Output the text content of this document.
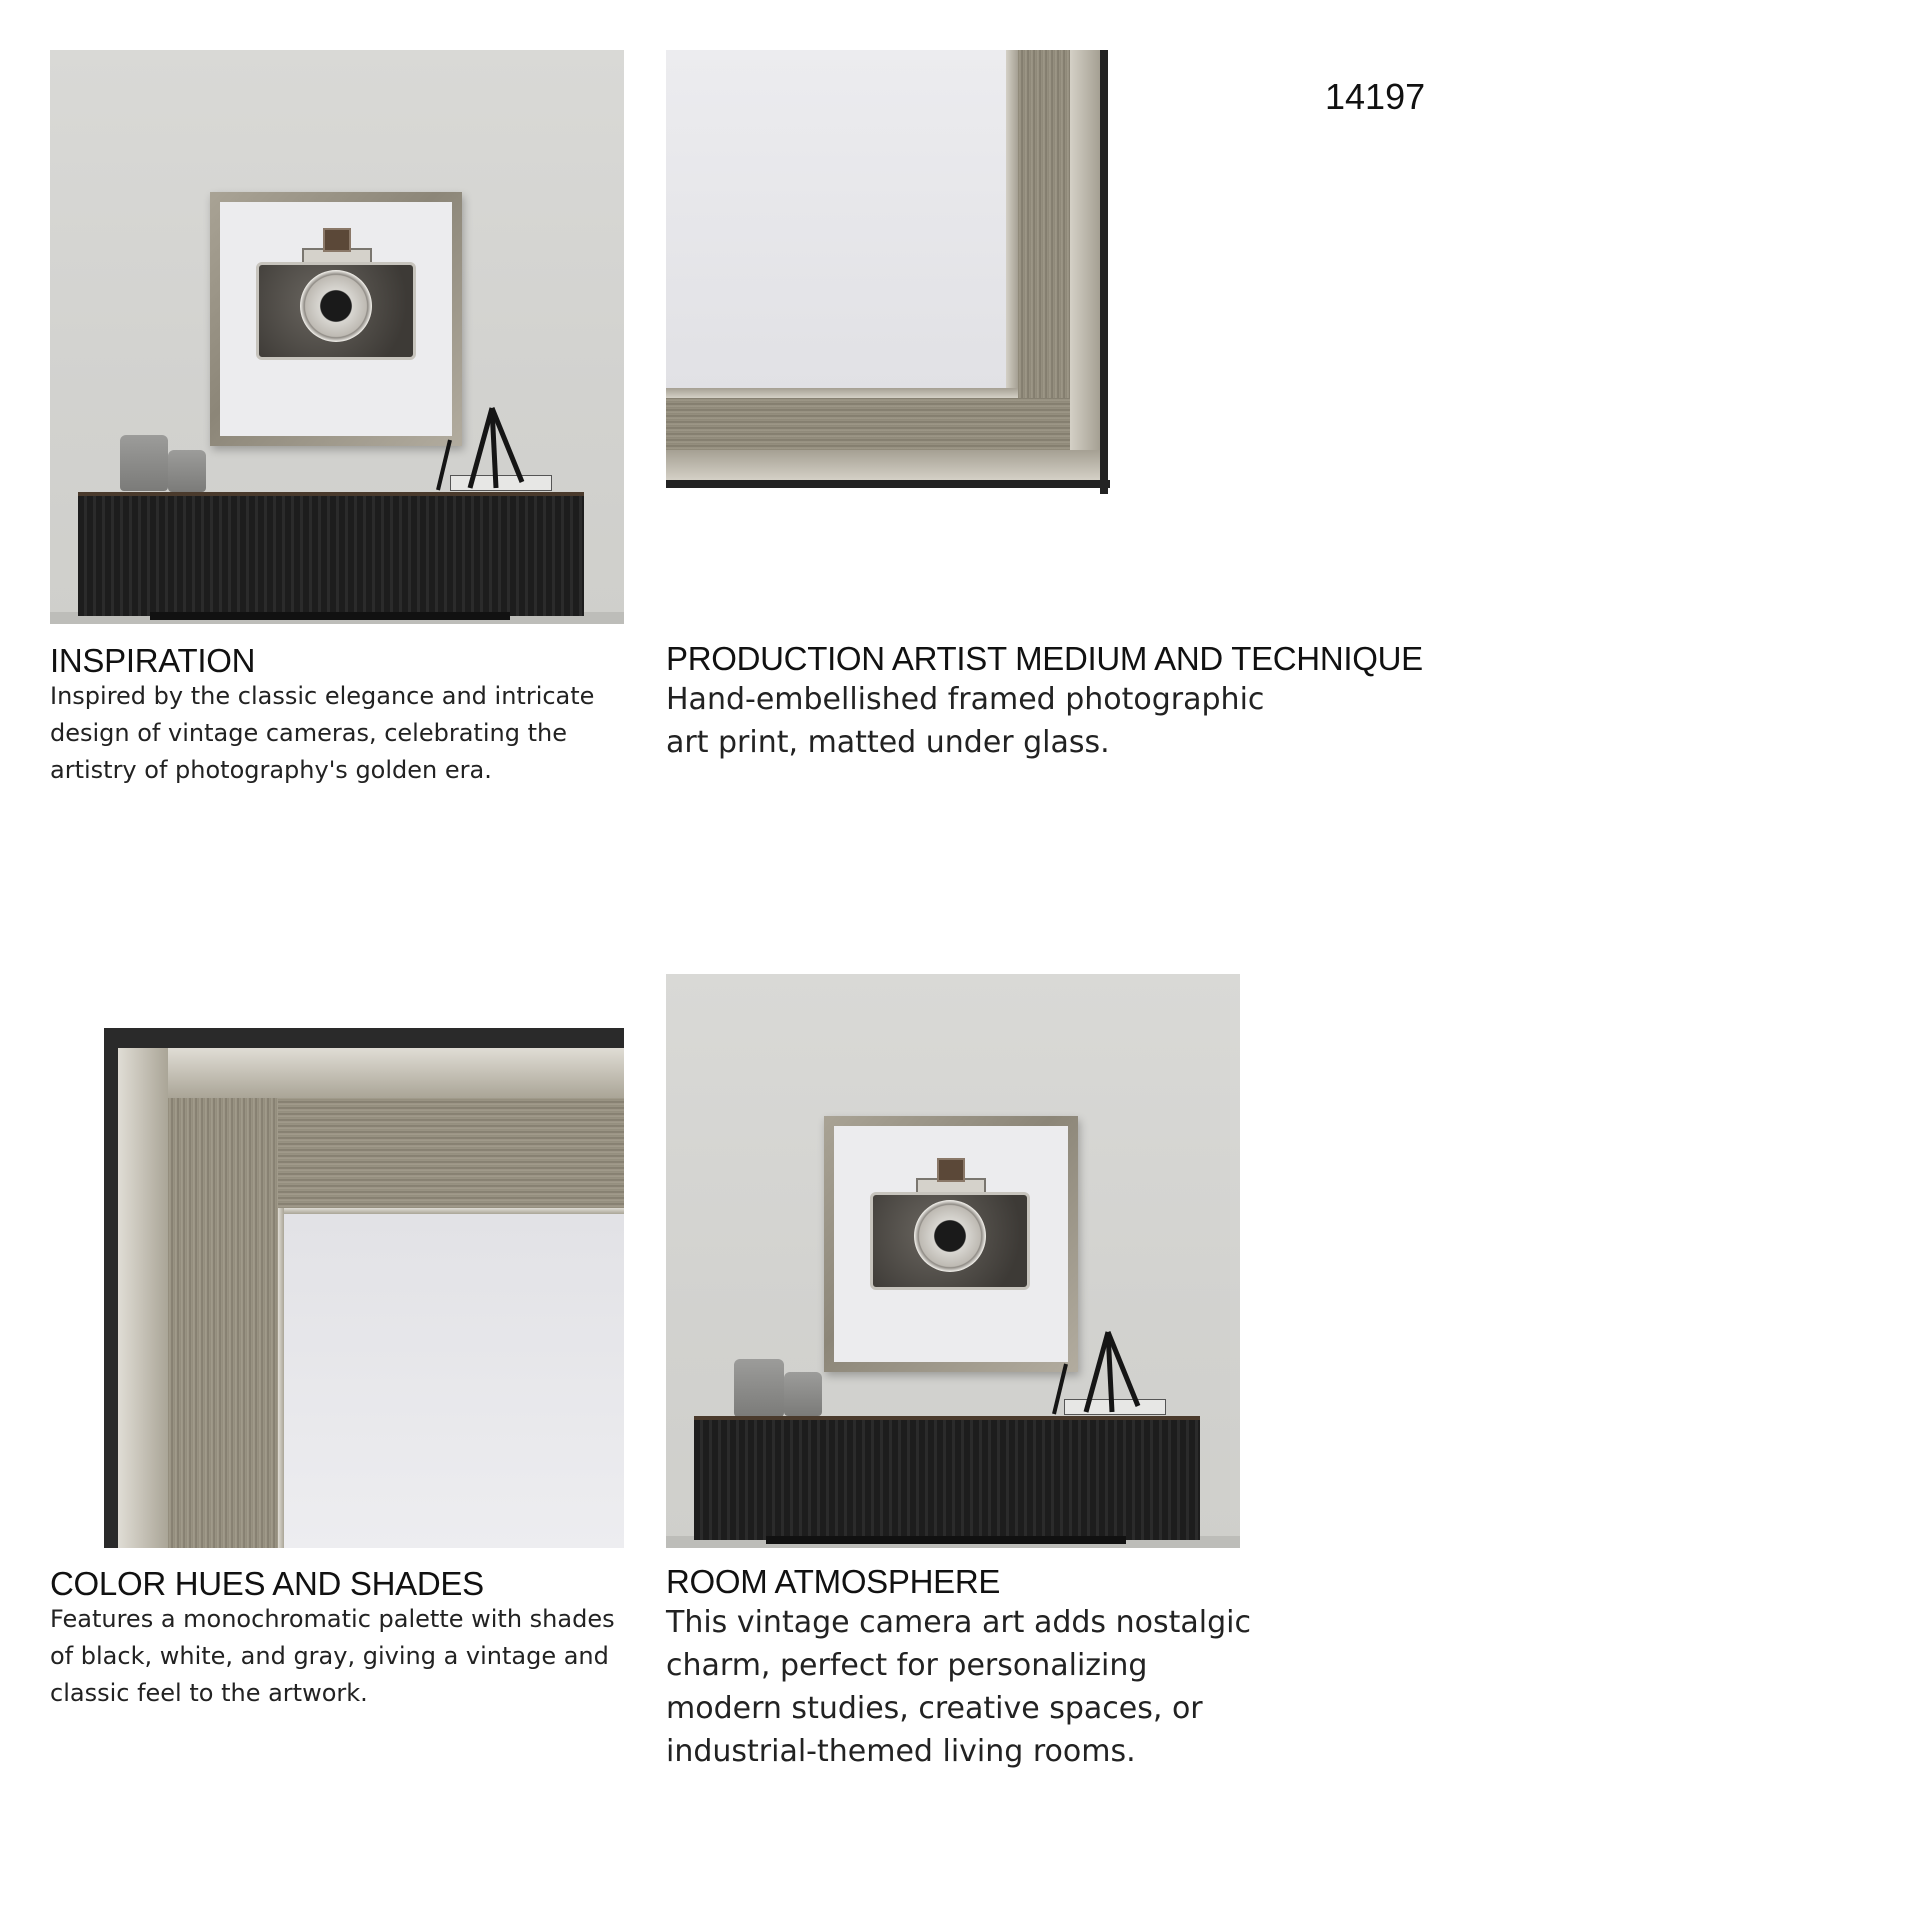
14197
INSPIRATION

Inspired by the classic elegance and intricate design of vintage cameras, celebrating the artistry of photography's golden era.

PRODUCTION ARTIST MEDIUM AND TECHNIQUE

Hand-embellished framed photographic

art print, matted under glass.

COLOR HUES AND SHADES

Features a monochromatic palette with shades of black, white, and gray, giving a vintage and classic feel to the artwork.

ROOM ATMOSPHERE

This vintage camera art adds nostalgic charm, perfect for personalizing modern studies, creative spaces, or industrial-themed living rooms.
